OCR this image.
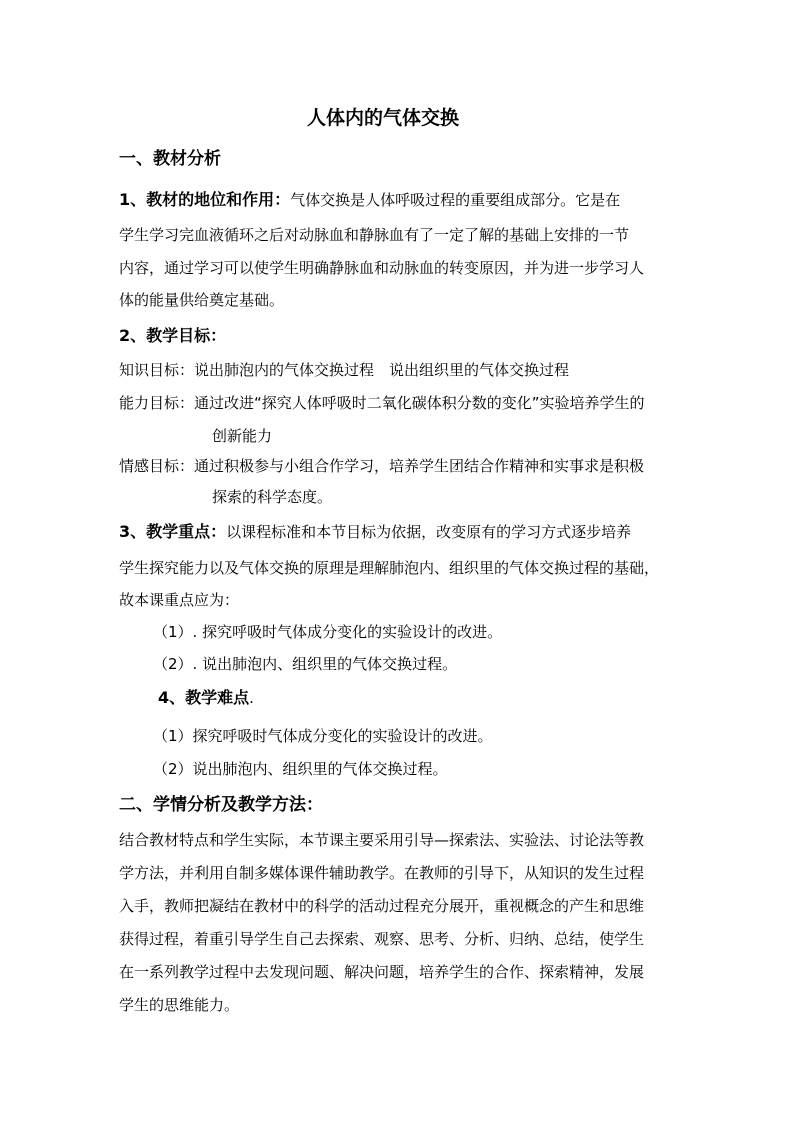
人体内的气体交换
一、教材分析
1、教材的地位和作用：气体交换是人体呼吸过程的重要组成部分。它是在
学生学习完血液循环之后对动脉血和静脉血有了一定了解的基础上安排的一节
内容，通过学习可以使学生明确静脉血和动脉血的转变原因，并为进一步学习人
体的能量供给奠定基础。
2、教学目标：
知识目标：说出肺泡内的气体交换过程　说出组织里的气体交换过程
能力目标：通过改进“探究人体呼吸时二氧化碳体积分数的变化”实验培养学生的
创新能力
情感目标：通过积极参与小组合作学习，培养学生团结合作精神和实事求是积极
探索的科学态度。
3、教学重点：以课程标准和本节目标为依据，改变原有的学习方式逐步培养
学生探究能力以及气体交换的原理是理解肺泡内、组织里的气体交换过程的基础，
故本课重点应为：
（1）. 探究呼吸时气体成分变化的实验设计的改进。
（2）. 说出肺泡内、组织里的气体交换过程。
4、教学难点.
（1）探究呼吸时气体成分变化的实验设计的改进。
（2）说出肺泡内、组织里的气体交换过程。
二、学情分析及教学方法：
结合教材特点和学生实际，本节课主要采用引导—探索法、实验法、讨论法等教
学方法，并利用自制多媒体课件辅助教学。在教师的引导下，从知识的发生过程
入手，教师把凝结在教材中的科学的活动过程充分展开，重视概念的产生和思维
获得过程，着重引导学生自己去探索、观察、思考、分析、归纳、总结，使学生
在一系列教学过程中去发现问题、解决问题，培养学生的合作、探索精神，发展
学生的思维能力。
